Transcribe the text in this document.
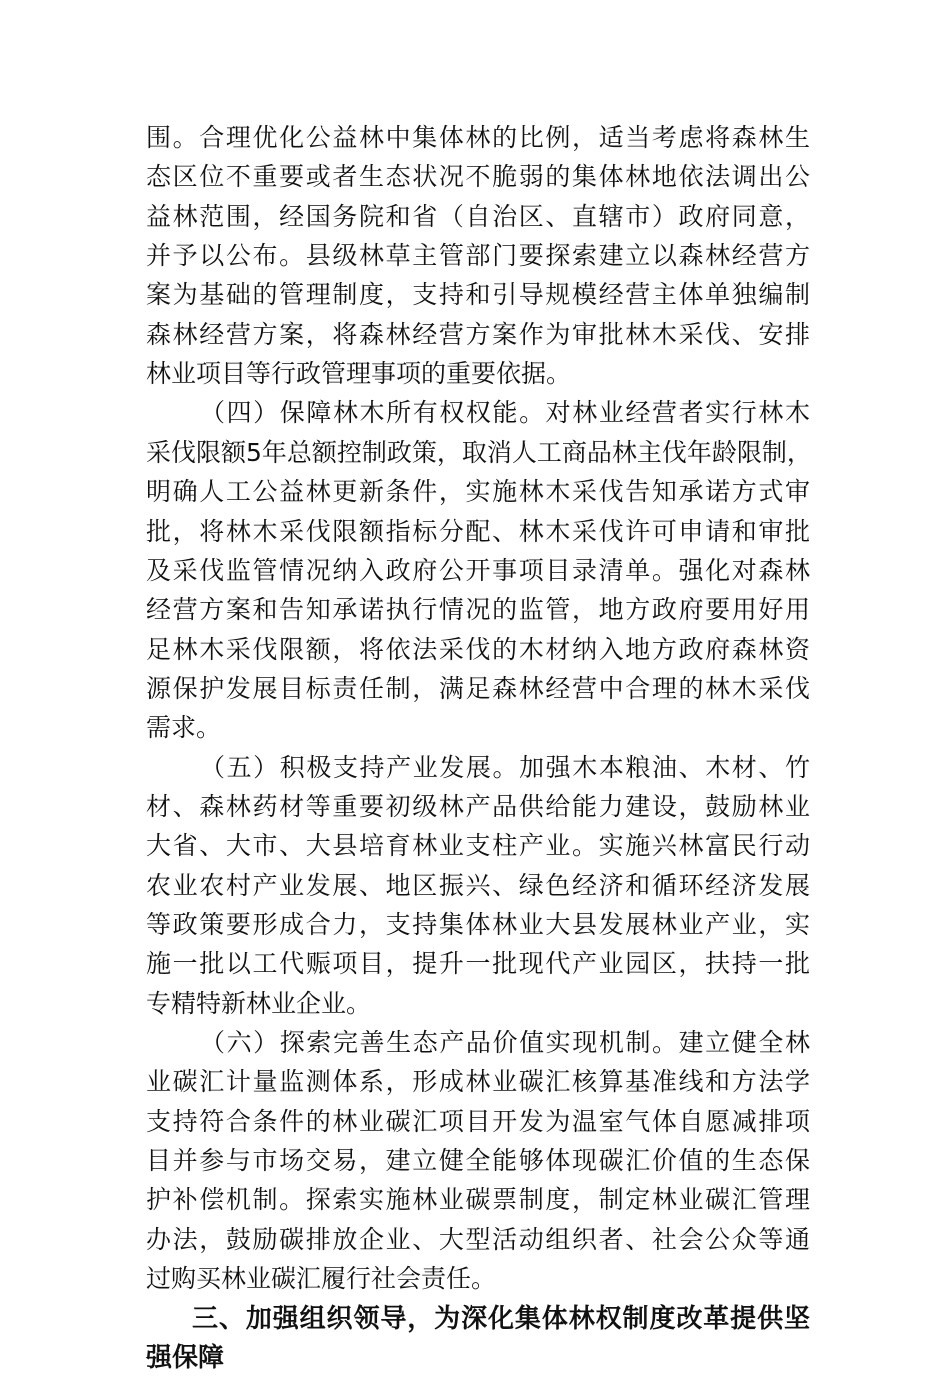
围。合理优化公益林中集体林的比例，适当考虑将森林生
态区位不重要或者生态状况不脆弱的集体林地依法调出公
益林范围，经国务院和省（自治区、直辖市）政府同意，
并予以公布。县级林草主管部门要探索建立以森林经营方
案为基础的管理制度，支持和引导规模经营主体单独编制
森林经营方案，将森林经营方案作为审批林木采伐、安排
林业项目等行政管理事项的重要依据。
（四）保障林木所有权权能。对林业经营者实行林木
采伐限额5年总额控制政策，取消人工商品林主伐年龄限制，
明确人工公益林更新条件，实施林木采伐告知承诺方式审
批，将林木采伐限额指标分配、林木采伐许可申请和审批
及采伐监管情况纳入政府公开事项目录清单。强化对森林
经营方案和告知承诺执行情况的监管，地方政府要用好用
足林木采伐限额，将依法采伐的木材纳入地方政府森林资
源保护发展目标责任制，满足森林经营中合理的林木采伐
需求。
（五）积极支持产业发展。加强木本粮油、木材、竹
材、森林药材等重要初级林产品供给能力建设，鼓励林业
大省、大市、大县培育林业支柱产业。实施兴林富民行动
农业农村产业发展、地区振兴、绿色经济和循环经济发展
等政策要形成合力，支持集体林业大县发展林业产业，实
施一批以工代赈项目，提升一批现代产业园区，扶持一批
专精特新林业企业。
（六）探索完善生态产品价值实现机制。建立健全林
业碳汇计量监测体系，形成林业碳汇核算基准线和方法学
支持符合条件的林业碳汇项目开发为温室气体自愿减排项
目并参与市场交易，建立健全能够体现碳汇价值的生态保
护补偿机制。探索实施林业碳票制度，制定林业碳汇管理
办法，鼓励碳排放企业、大型活动组织者、社会公众等通
过购买林业碳汇履行社会责任。
三、加强组织领导，为深化集体林权制度改革提供坚
强保障
